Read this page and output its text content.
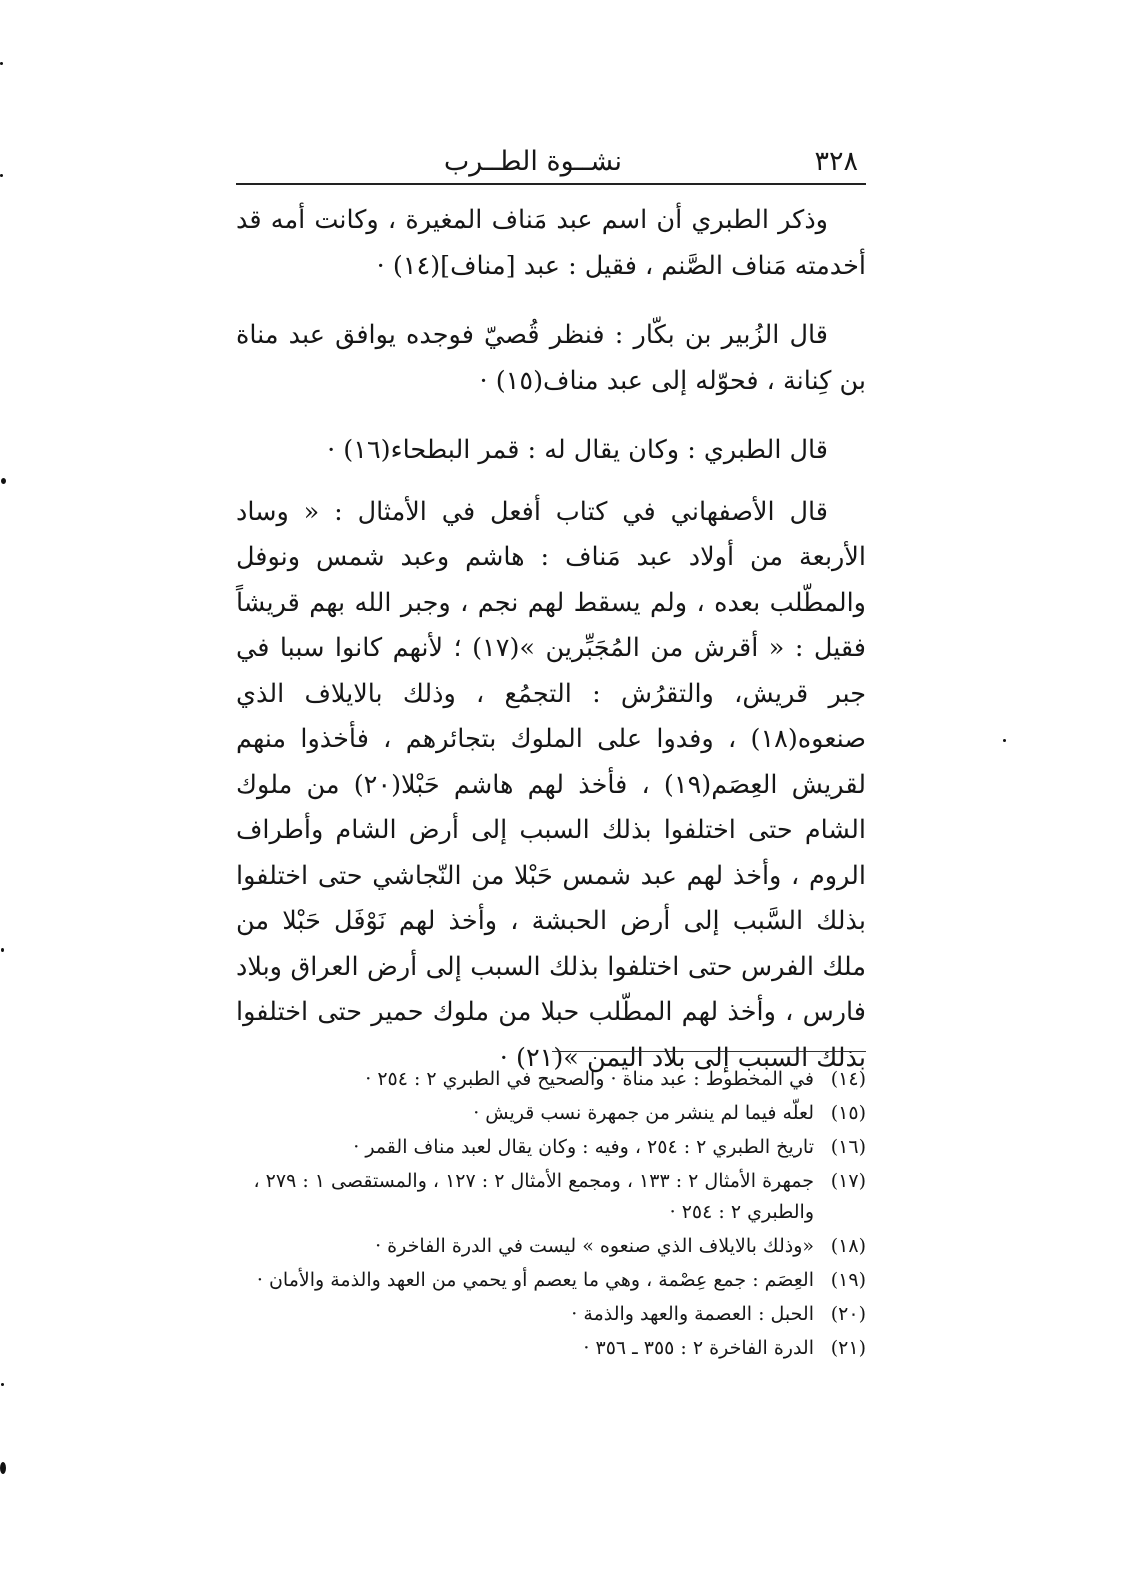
٣٢٨
نشــوة الطــرب

وذكر الطبري أن اسم عبد مَناف المغيرة ، وكانت أمه قد أخدمته مَناف الصَّنم ، فقيل : عبد [مناف](١٤) ·

قال الزُبير بن بكّار : فنظر قُصيّ فوجده يوافق عبد مناة بن كِنانة ، فحوّله إلى عبد مناف(١٥) ·

قال الطبري : وكان يقال له : قمر البطحاء(١٦) ·

قال الأصفهاني في كتاب أفعل في الأمثال : « وساد الأربعة من أولاد عبد مَناف : هاشم وعبد شمس ونوفل والمطّلب بعده ، ولم يسقط لهم نجم ، وجبر الله بهم قريشاً فقيل : « أقرش من المُجَبِّرين »(١٧) ؛ لأنهم كانوا سببا في جبر قريش، والتقرُش : التجمُع ، وذلك بالايلاف الذي صنعوه(١٨) ، وفدوا على الملوك بتجائرهم ، فأخذوا منهم لقريش العِصَم(١٩) ، فأخذ لهم هاشم حَبْلا(٢٠) من ملوك الشام حتى اختلفوا بذلك السبب إلى أرض الشام وأطراف الروم ، وأخذ لهم عبد شمس حَبْلا من النّجاشي حتى اختلفوا بذلك السَّبب إلى أرض الحبشة ، وأخذ لهم نَوْفَل حَبْلا من ملك الفرس حتى اختلفوا بذلك السبب إلى أرض العراق وبلاد فارس ، وأخذ لهم المطّلب حبلا من ملوك حمير حتى اختلفوا بذلك السبب إلى بلاد اليمن »(٢١) ·

(١٤)
في المخطوط : عبد مناة · والصحيح في الطبري ٢ : ٢٥٤ ·
(١٥)
لعلّه فيما لم ينشر من جمهرة نسب قريش ·
(١٦)
تاريخ الطبري ٢ : ٢٥٤ ، وفيه : وكان يقال لعبد مناف القمر ·
(١٧)
جمهرة الأمثال ٢ : ١٣٣ ، ومجمع الأمثال ٢ : ١٢٧ ، والمستقصى ١ : ٢٧٩ ، والطبري ٢ : ٢٥٤ ·
(١٨)
«وذلك بالايلاف الذي صنعوه » ليست في الدرة الفاخرة ·
(١٩)
العِصَم : جمع عِصْمة ، وهي ما يعصم أو يحمي من العهد والذمة والأمان ·
(٢٠)
الحبل : العصمة والعهد والذمة ·
(٢١)
الدرة الفاخرة ٢ : ٣٥٥ ـ ٣٥٦ ·
